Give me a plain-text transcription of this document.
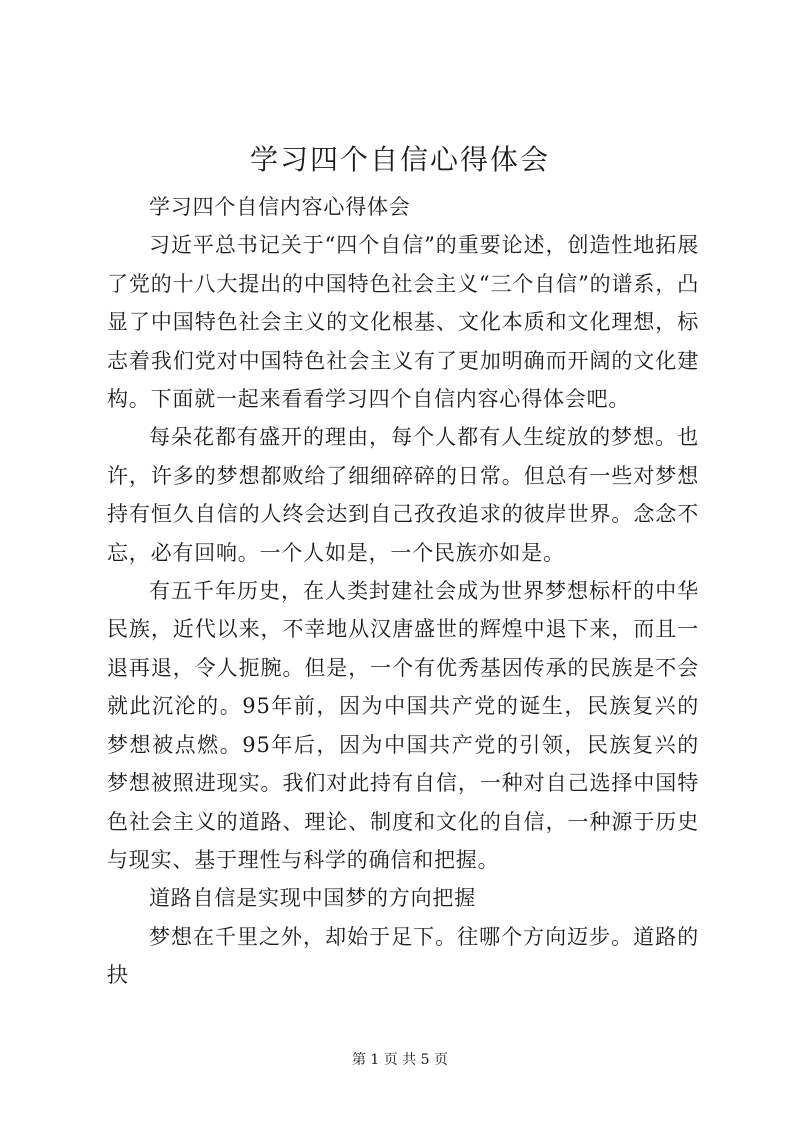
学习四个自信心得体会

学习四个自信内容心得体会

习近平总书记关于“四个自信”的重要论述，创造性地拓展了党的十八大提出的中国特色社会主义“三个自信”的谱系，凸显了中国特色社会主义的文化根基、文化本质和文化理想，标志着我们党对中国特色社会主义有了更加明确而开阔的文化建构。下面就一起来看看学习四个自信内容心得体会吧。

每朵花都有盛开的理由，每个人都有人生绽放的梦想。也许，许多的梦想都败给了细细碎碎的日常。但总有一些对梦想持有恒久自信的人终会达到自己孜孜追求的彼岸世界。念念不忘，必有回响。一个人如是，一个民族亦如是。

有五千年历史，在人类封建社会成为世界梦想标杆的中华民族，近代以来，不幸地从汉唐盛世的辉煌中退下来，而且一退再退，令人扼腕。但是，一个有优秀基因传承的民族是不会就此沉沦的。95年前，因为中国共产党的诞生，民族复兴的梦想被点燃。95年后，因为中国共产党的引领，民族复兴的梦想被照进现实。我们对此持有自信，一种对自己选择中国特色社会主义的道路、理论、制度和文化的自信，一种源于历史与现实、基于理性与科学的确信和把握。

道路自信是实现中国梦的方向把握

梦想在千里之外，却始于足下。往哪个方向迈步。道路的抉

第 1 页 共 5 页
